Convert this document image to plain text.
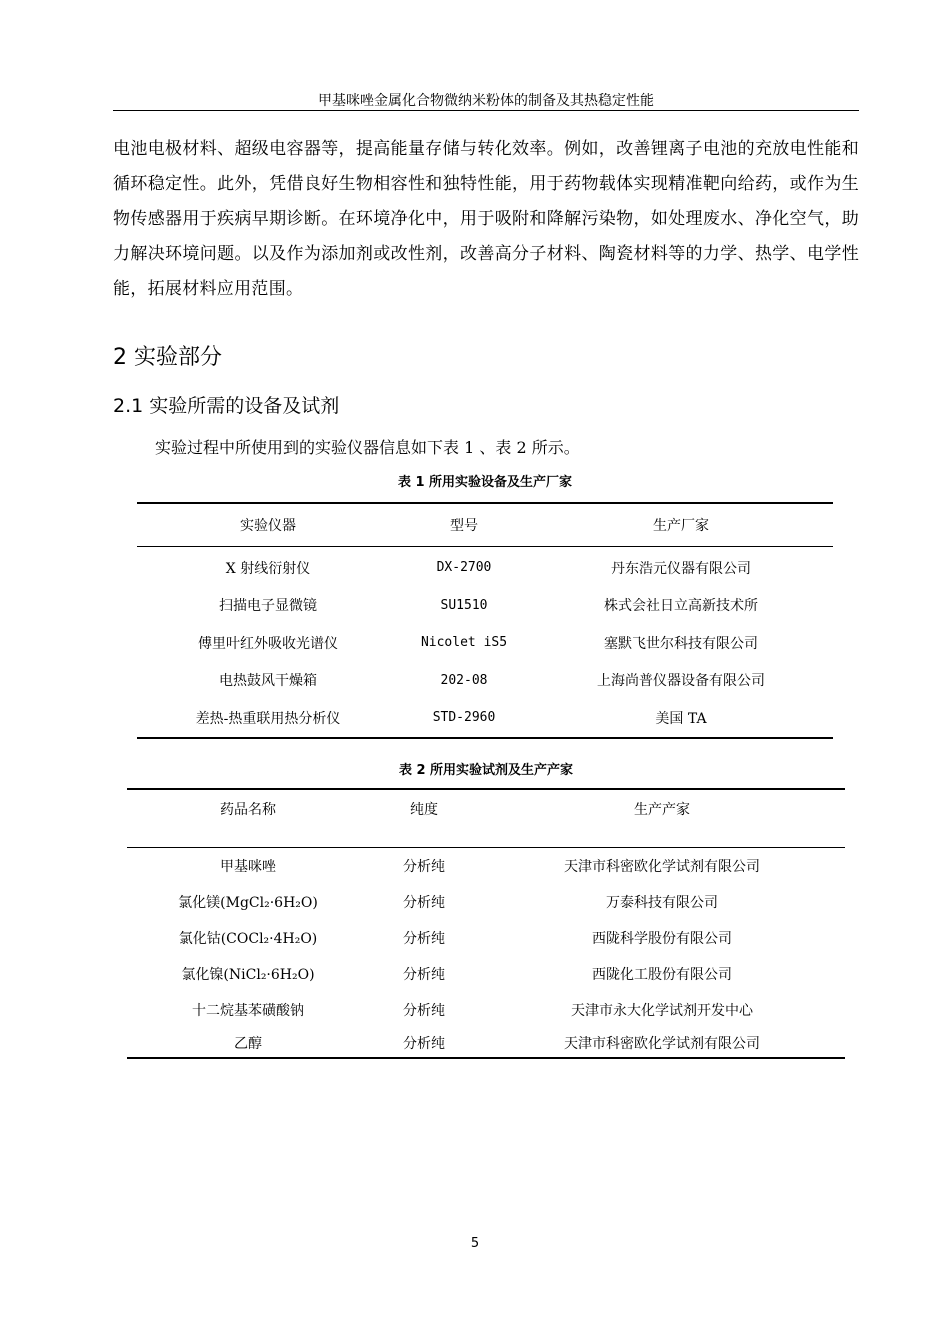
甲基咪唑金属化合物微纳米粉体的制备及其热稳定性能

电池电极材料、超级电容器等，提高能量存储与转化效率。例如，改善锂离子电池的充放电性能和循环稳定性。此外，凭借良好生物相容性和独特性能，用于药物载体实现精准靶向给药，或作为生物传感器用于疾病早期诊断。在环境净化中，用于吸附和降解污染物，如处理废水、净化空气，助力解决环境问题。以及作为添加剂或改性剂，改善高分子材料、陶瓷材料等的力学、热学、电学性能，拓展材料应用范围。

2 实验部分
2.1 实验所需的设备及试剂

实验过程中所使用到的实验仪器信息如下表 1 、表 2 所示。

表 1 所用实验设备及生产厂家
实验仪器	型号	生产厂家
X 射线衍射仪	DX-2700	丹东浩元仪器有限公司
扫描电子显微镜	SU1510	株式会社日立高新技术所
傅里叶红外吸收光谱仪	Nicolet iS5	塞默飞世尔科技有限公司
电热鼓风干燥箱	202-08	上海尚普仪器设备有限公司
差热-热重联用热分析仪	STD-2960	美国 TA
表 2 所用实验试剂及生产产家
药品名称	纯度	生产产家
甲基咪唑	分析纯	天津市科密欧化学试剂有限公司
氯化镁(MgCl₂·6H₂O)	分析纯	万泰科技有限公司
氯化钴(COCl₂·4H₂O)	分析纯	西陇科学股份有限公司
氯化镍(NiCl₂·6H₂O)	分析纯	西陇化工股份有限公司
十二烷基苯磺酸钠	分析纯	天津市永大化学试剂开发中心
乙醇	分析纯	天津市科密欧化学试剂有限公司
5
